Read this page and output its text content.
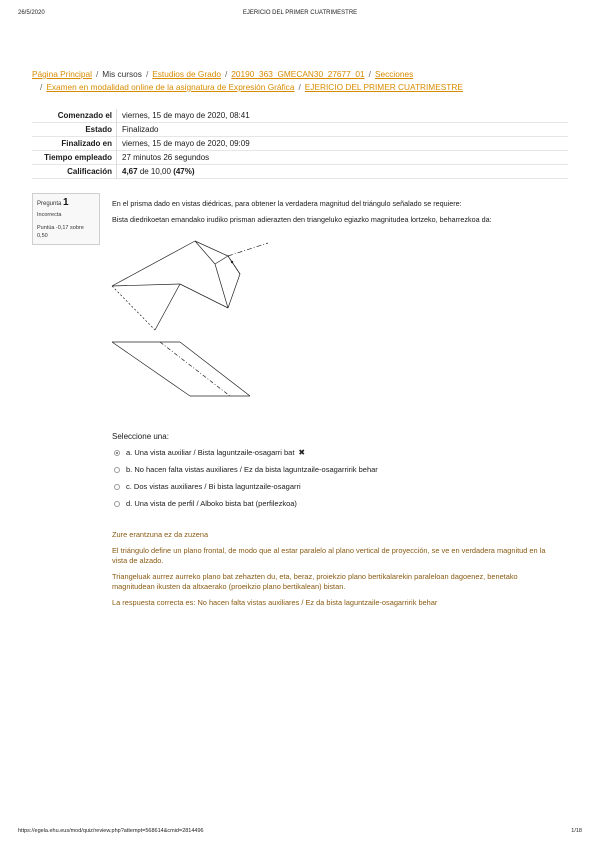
26/5/2020	EJERICIO DEL PRIMER CUATRIMESTRE
Página Principal / Mis cursos / Estudios de Grado / 20190_363_GMECAN30_27677_01 / Secciones
/ Examen en modalidad online de la asignatura de Expresión Gráfica / EJERICIO DEL PRIMER CUATRIMESTRE
Comenzado el	viernes, 15 de mayo de 2020, 08:41
Estado	Finalizado
Finalizado en	viernes, 15 de mayo de 2020, 09:09
Tiempo empleado	27 minutos 26 segundos
Calificación	4,67 de 10,00 (47%)
Pregunta 1
Incorrecta
Puntúa -0,17 sobre 0,50
En el prisma dado en vistas diédricas, para obtener la verdadera magnitud del triángulo señalado se requiere:
Bista diedrikoetan emandako irudiko prisman adierazten den triangeluko egiazko magnitudea lortzeko, beharrezkoa da:
Seleccione una:
a. Una vista auxiliar / Bista laguntzaile-osagarri bat ✖
b. No hacen falta vistas auxiliares / Ez da bista laguntzaile-osagarririk behar
c. Dos vistas auxiliares / Bi bista laguntzaile-osagarri
d. Una vista de perfil / Alboko bista bat (perfilezkoa)

Zure erantzuna ez da zuzena

El triángulo define un plano frontal, de modo que al estar paralelo al plano vertical de proyección, se ve en verdadera magnitud en la vista de alzado.

Triangeluak aurrez aurreko plano bat zehazten du, eta, beraz, proiekzio plano bertikalarekin paraleloan dagoenez, benetako magnitudean ikusten da altxaerako (proeikzio plano bertikalean) bistan.

La respuesta correcta es: No hacen falta vistas auxiliares / Ez da bista laguntzaile-osagarririk behar

https://egela.ehu.eus/mod/quiz/review.php?attempt=568614&cmid=2814496	1/18
